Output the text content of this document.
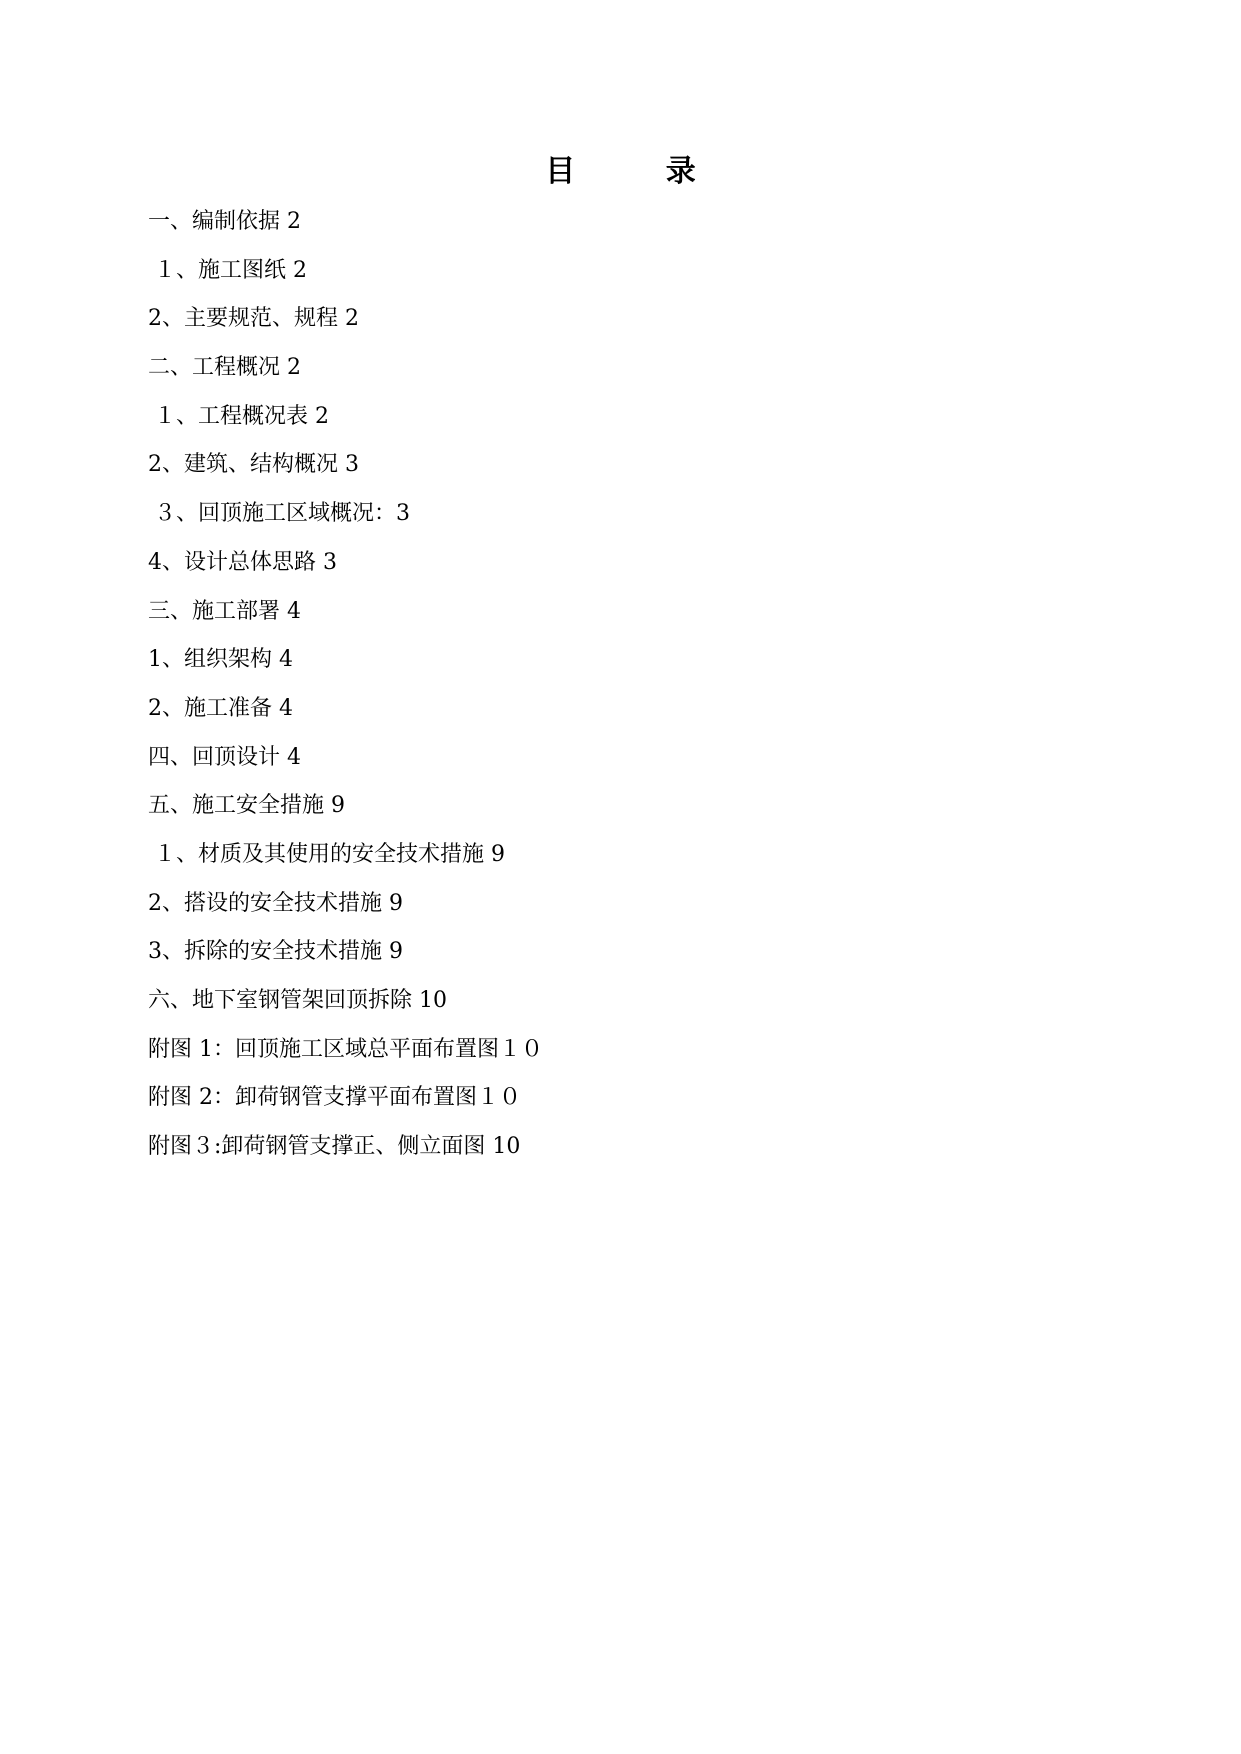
目 录
一、编制依据 2
１、施工图纸 2
2、主要规范、规程 2
二、工程概况 2
１、工程概况表 2
2、建筑、结构概况 3
３、回顶施工区域概况：3
4、设计总体思路 3
三、施工部署 4
1、组织架构 4
2、施工准备 4
四、回顶设计 4
五、施工安全措施 9
１、材质及其使用的安全技术措施 9
2、搭设的安全技术措施 9
3、拆除的安全技术措施 9
六、地下室钢管架回顶拆除 10
附图 1：回顶施工区域总平面布置图１０
附图 2：卸荷钢管支撑平面布置图１０
附图３:卸荷钢管支撑正、侧立面图 10
